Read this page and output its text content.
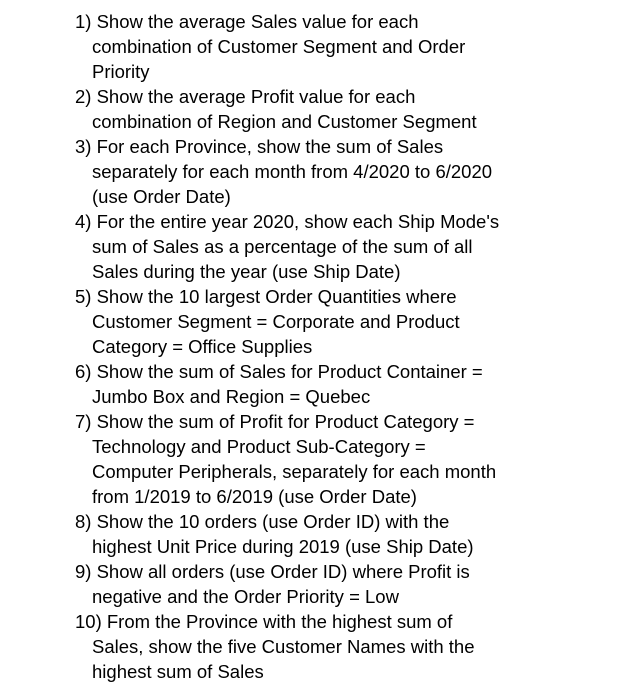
1) Show the average Sales value for each
combination of Customer Segment and Order
Priority
2) Show the average Profit value for each
combination of Region and Customer Segment
3) For each Province, show the sum of Sales
separately for each month from 4/2020 to 6/2020
(use Order Date)
4) For the entire year 2020, show each Ship Mode's
sum of Sales as a percentage of the sum of all
Sales during the year (use Ship Date)
5) Show the 10 largest Order Quantities where
Customer Segment = Corporate and Product
Category = Office Supplies
6) Show the sum of Sales for Product Container =
Jumbo Box and Region = Quebec
7) Show the sum of Profit for Product Category =
Technology and Product Sub-Category =
Computer Peripherals, separately for each month
from 1/2019 to 6/2019 (use Order Date)
8) Show the 10 orders (use Order ID) with the
highest Unit Price during 2019 (use Ship Date)
9) Show all orders (use Order ID) where Profit is
negative and the Order Priority = Low
10) From the Province with the highest sum of
Sales, show the five Customer Names with the
highest sum of Sales
